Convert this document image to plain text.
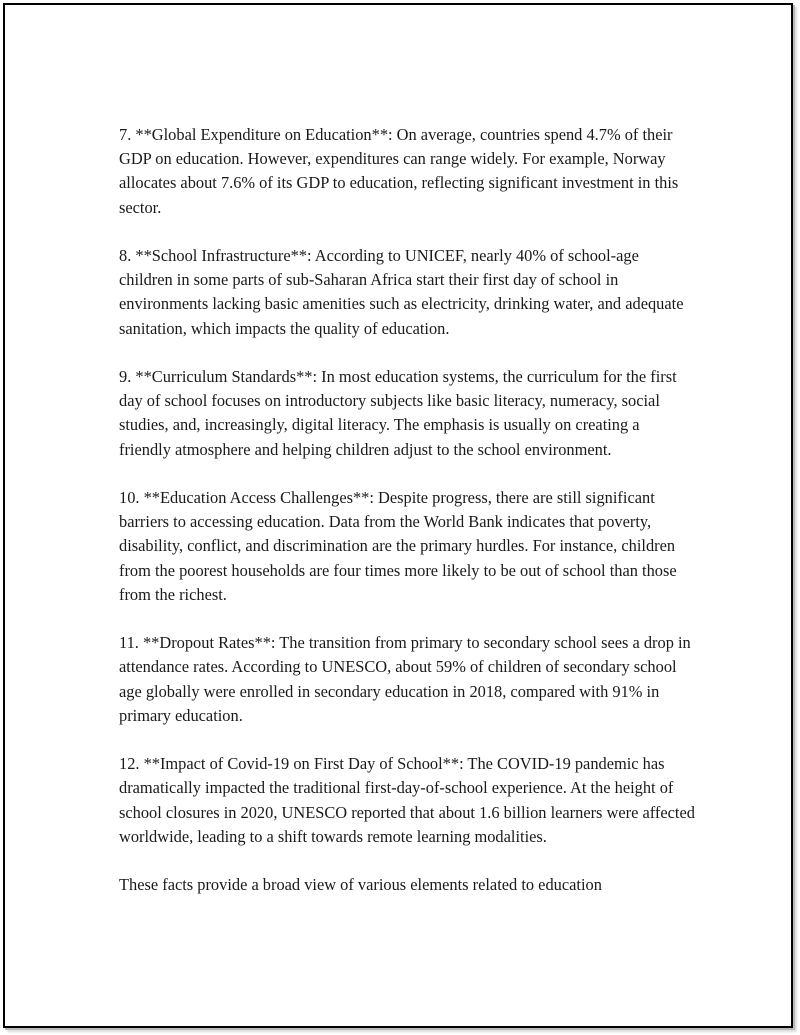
7. **Global Expenditure on Education**: On average, countries spend 4.7% of their GDP on education. However, expenditures can range widely. For example, Norway allocates about 7.6% of its GDP to education, reflecting significant investment in this sector.

8. **School Infrastructure**: According to UNICEF, nearly 40% of school-age children in some parts of sub-Saharan Africa start their first day of school in environments lacking basic amenities such as electricity, drinking water, and adequate sanitation, which impacts the quality of education.

9. **Curriculum Standards**: In most education systems, the curriculum for the first day of school focuses on introductory subjects like basic literacy, numeracy, social studies, and, increasingly, digital literacy. The emphasis is usually on creating a friendly atmosphere and helping children adjust to the school environment.

10. **Education Access Challenges**: Despite progress, there are still significant barriers to accessing education. Data from the World Bank indicates that poverty, disability, conflict, and discrimination are the primary hurdles. For instance, children from the poorest households are four times more likely to be out of school than those from the richest.

11. **Dropout Rates**: The transition from primary to secondary school sees a drop in attendance rates. According to UNESCO, about 59% of children of secondary school age globally were enrolled in secondary education in 2018, compared with 91% in primary education.

12. **Impact of Covid-19 on First Day of School**: The COVID-19 pandemic has dramatically impacted the traditional first-day-of-school experience. At the height of school closures in 2020, UNESCO reported that about 1.6 billion learners were affected worldwide, leading to a shift towards remote learning modalities.

These facts provide a broad view of various elements related to education
